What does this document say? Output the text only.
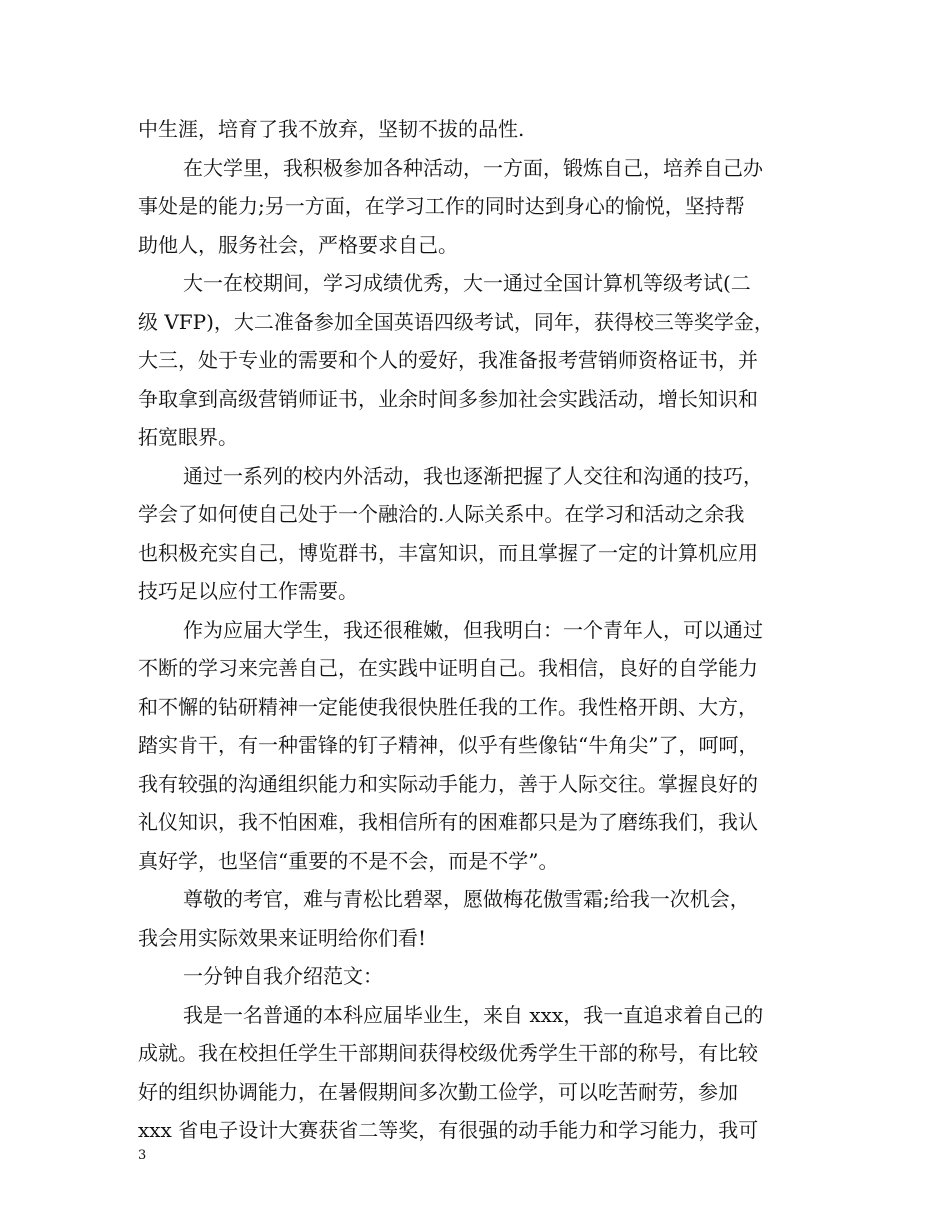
中生涯，培育了我不放弃，坚韧不拔的品性.
在大学里，我积极参加各种活动，一方面，锻炼自己，培养自己办
事处是的能力;另一方面，在学习工作的同时达到身心的愉悦，坚持帮
助他人，服务社会，严格要求自己。
大一在校期间，学习成绩优秀，大一通过全国计算机等级考试(二
级 VFP)，大二准备参加全国英语四级考试，同年，获得校三等奖学金，
大三，处于专业的需要和个人的爱好，我准备报考营销师资格证书，并
争取拿到高级营销师证书，业余时间多参加社会实践活动，增长知识和
拓宽眼界。
通过一系列的校内外活动，我也逐渐把握了人交往和沟通的技巧，
学会了如何使自己处于一个融洽的.人际关系中。在学习和活动之余我
也积极充实自己，博览群书，丰富知识，而且掌握了一定的计算机应用
技巧足以应付工作需要。
作为应届大学生，我还很稚嫩，但我明白：一个青年人，可以通过
不断的学习来完善自己，在实践中证明自己。我相信，良好的自学能力
和不懈的钻研精神一定能使我很快胜任我的工作。我性格开朗、大方，
踏实肯干，有一种雷锋的钉子精神，似乎有些像钻“牛角尖”了，呵呵，
我有较强的沟通组织能力和实际动手能力，善于人际交往。掌握良好的
礼仪知识，我不怕困难，我相信所有的困难都只是为了磨练我们，我认
真好学，也坚信“重要的不是不会，而是不学”。
尊敬的考官，难与青松比碧翠，愿做梅花傲雪霜;给我一次机会，
我会用实际效果来证明给你们看!
一分钟自我介绍范文：
我是一名普通的本科应届毕业生，来自 xxx，我一直追求着自己的
成就。我在校担任学生干部期间获得校级优秀学生干部的称号，有比较
好的组织协调能力，在暑假期间多次勤工俭学，可以吃苦耐劳，参加
xxx 省电子设计大赛获省二等奖，有很强的动手能力和学习能力，我可
3
